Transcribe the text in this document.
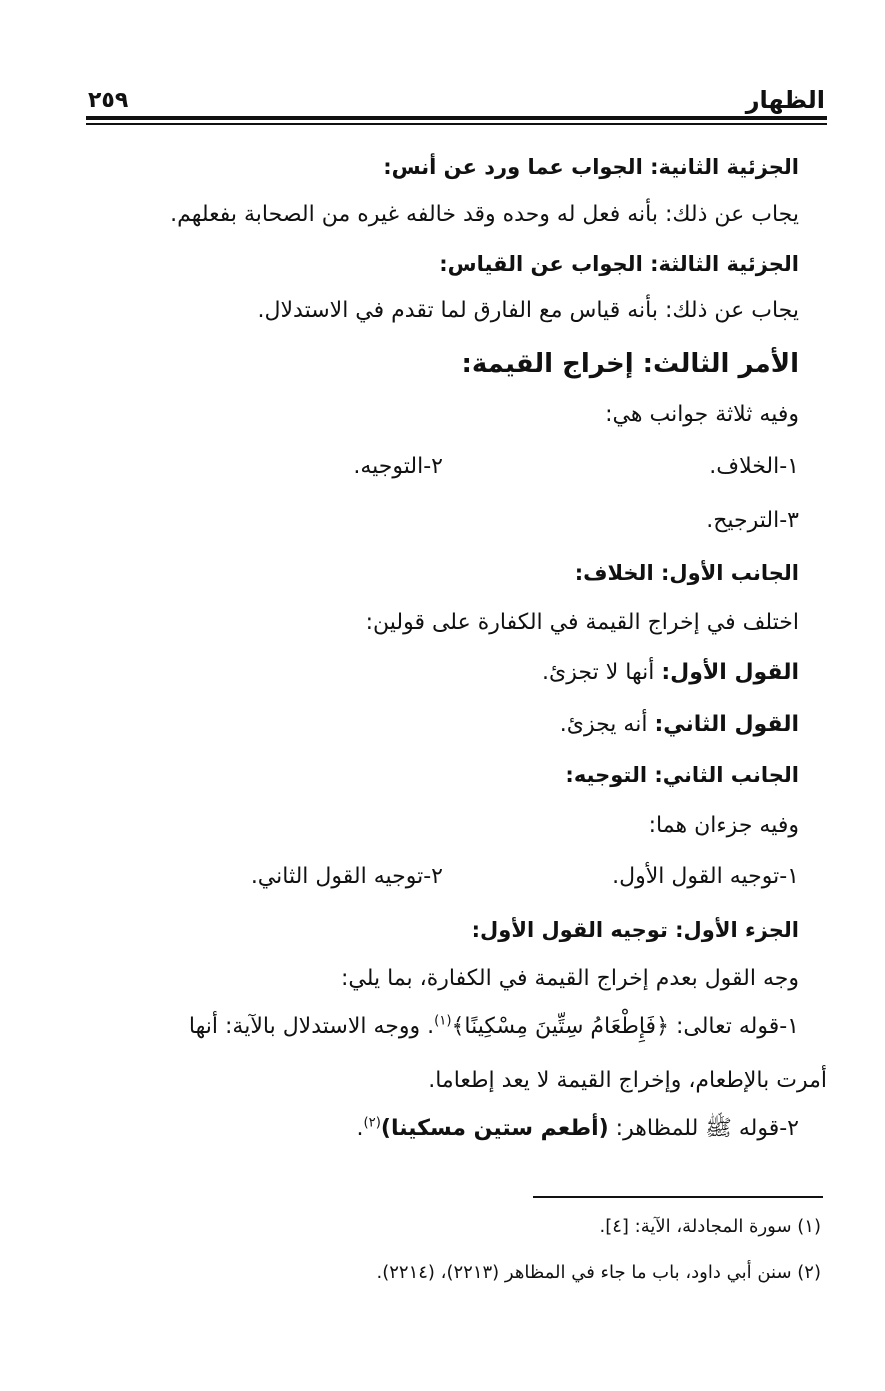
الظهار
٢٥٩
الجزئية الثانية: الجواب عما ورد عن أنس:
يجاب عن ذلك: بأنه فعل له وحده وقد خالفه غيره من الصحابة بفعلهم.
الجزئية الثالثة: الجواب عن القياس:
يجاب عن ذلك: بأنه قياس مع الفارق لما تقدم في الاستدلال.
الأمر الثالث: إخراج القيمة:
وفيه ثلاثة جوانب هي:
١-الخلاف.
٢-التوجيه.
٣-الترجيح.
الجانب الأول: الخلاف:
اختلف في إخراج القيمة في الكفارة على قولين:
القول الأول: أنها لا تجزئ.
القول الثاني: أنه يجزئ.
الجانب الثاني: التوجيه:
وفيه جزءان هما:
١-توجيه القول الأول.
٢-توجيه القول الثاني.
الجزء الأول: توجيه القول الأول:
وجه القول بعدم إخراج القيمة في الكفارة، بما يلي:
١-قوله تعالى: ﴿فَإِطْعَامُ سِتِّينَ مِسْكِينًا﴾$^{(١)}$. ووجه الاستدلال بالآية: أنها
أمرت بالإطعام، وإخراج القيمة لا يعد إطعاما.
٢-قوله ﷺ للمظاهر: (أطعم ستين مسكينا)$^{(٢)}$.
(١) سورة المجادلة، الآية: [٤].
(٢) سنن أبي داود، باب ما جاء في المظاهر (٢٢١٣)، (٢٢١٤).
